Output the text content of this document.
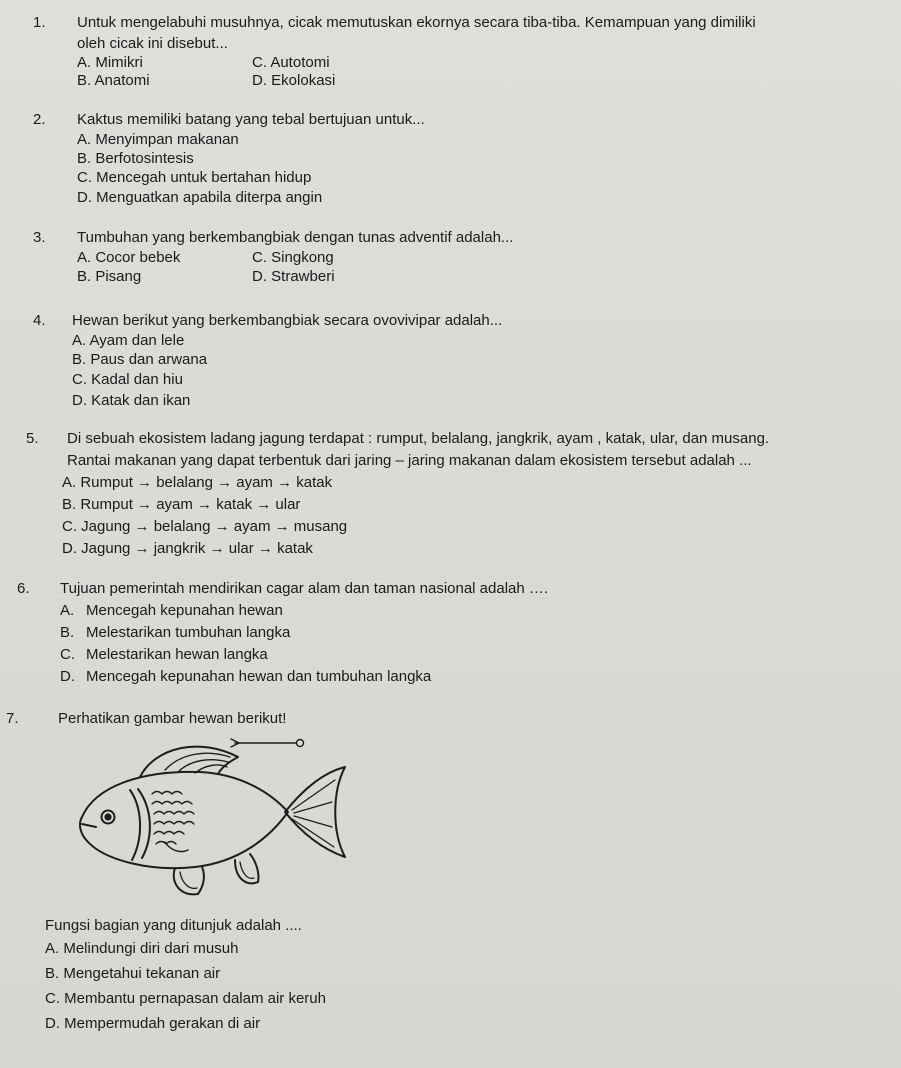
1. Untuk mengelabuhi musuhnya, cicak memutuskan ekornya secara tiba-tiba. Kemampuan yang dimiliki
oleh cicak ini disebut...
A. Mimikri	C. Autotomi
B. Anatomi	D. Ekolokasi
2. Kaktus memiliki batang yang tebal bertujuan untuk...
A. Menyimpan makanan
B. Berfotosintesis
C. Mencegah untuk bertahan hidup
D. Menguatkan apabila diterpa angin
3. Tumbuhan yang berkembangbiak dengan tunas adventif adalah...
A. Cocor bebek	C. Singkong
B. Pisang	D. Strawberi
4. Hewan berikut yang berkembangbiak secara ovovivipar adalah...
A. Ayam dan lele
B. Paus dan arwana
C. Kadal dan hiu
D. Katak dan ikan
5. Di sebuah ekosistem ladang jagung terdapat : rumput, belalang, jangkrik, ayam , katak, ular, dan musang.
Rantai makanan yang dapat terbentuk dari jaring – jaring makanan dalam ekosistem tersebut adalah ...
A. Rumput → belalang → ayam → katak
B. Rumput → ayam → katak → ular
C. Jagung → belalang → ayam → musang
D. Jagung → jangkrik → ular → katak
6. Tujuan pemerintah mendirikan cagar alam dan taman nasional adalah ….
A. Mencegah kepunahan hewan
B. Melestarikan tumbuhan langka
C. Melestarikan hewan langka
D. Mencegah kepunahan hewan dan tumbuhan langka
7.	Perhatikan gambar hewan berikut!
Fungsi bagian yang ditunjuk adalah ....
A. Melindungi diri dari musuh
B. Mengetahui tekanan air
C. Membantu pernapasan dalam air keruh
D. Mempermudah gerakan di air
